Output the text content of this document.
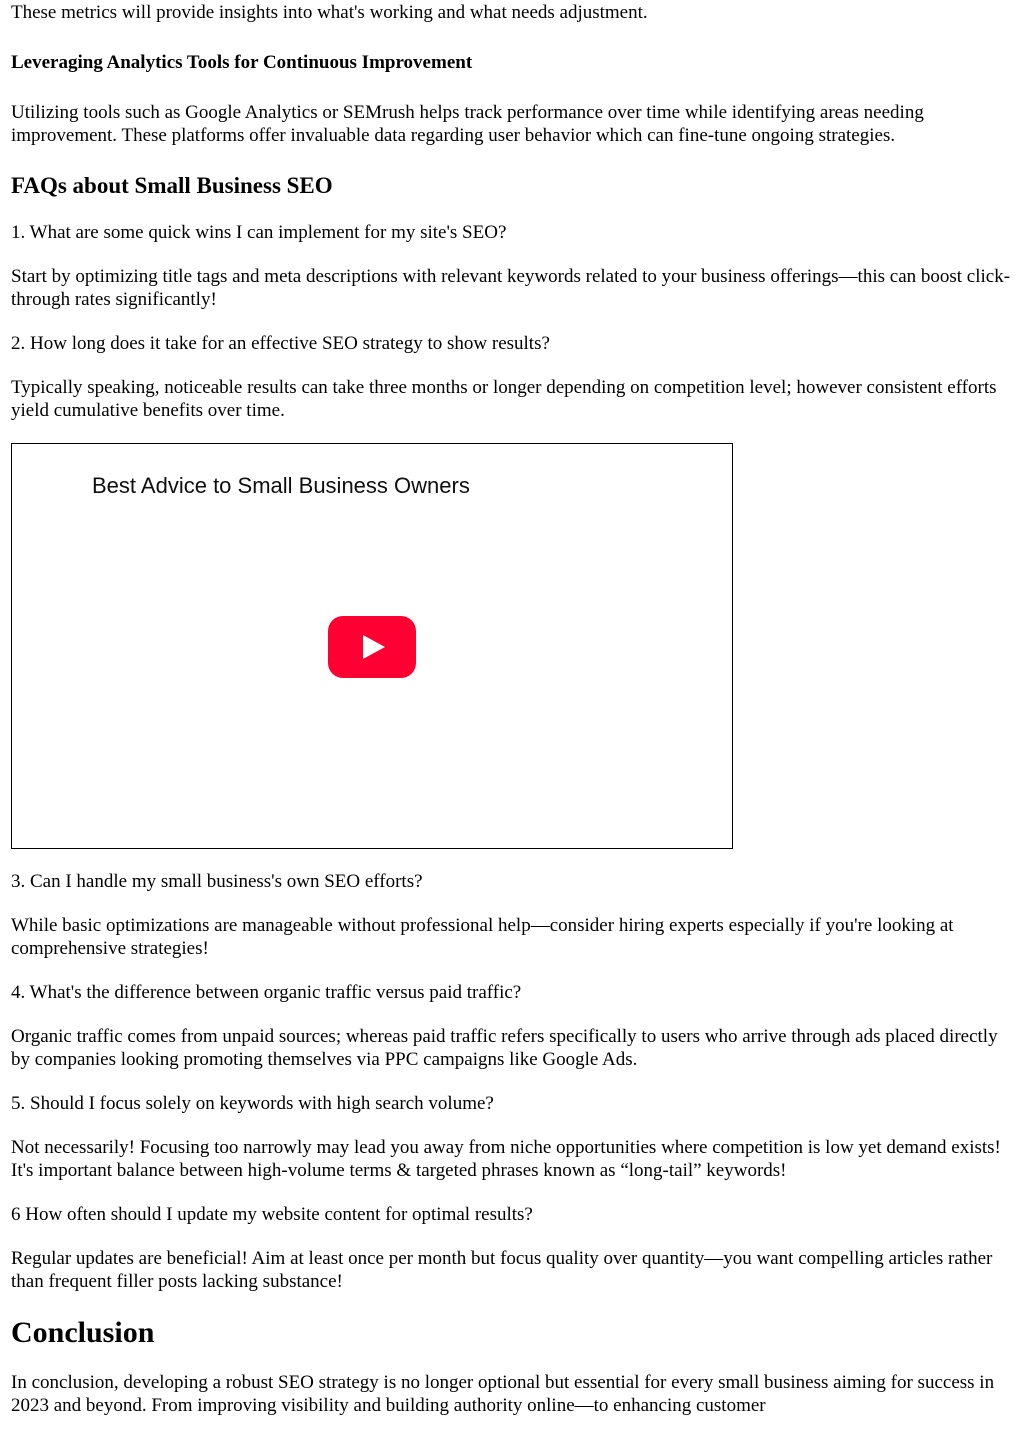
These metrics will provide insights into what's working and what needs adjustment.

Leveraging Analytics Tools for Continuous Improvement

Utilizing tools such as Google Analytics or SEMrush helps track performance over time while identifying areas needing improvement. These platforms offer invaluable data regarding user behavior which can fine-tune ongoing strategies.

FAQs about Small Business SEO

1. What are some quick wins I can implement for my site's SEO?

Start by optimizing title tags and meta descriptions with relevant keywords related to your business offerings—this can boost click-through rates significantly!

2. How long does it take for an effective SEO strategy to show results?

Typically speaking, noticeable results can take three months or longer depending on competition level; however consistent efforts yield cumulative benefits over time.

Best Advice to Small Business Owners

3. Can I handle my small business's own SEO efforts?

While basic optimizations are manageable without professional help—consider hiring experts especially if you're looking at comprehensive strategies!

4. What's the difference between organic traffic versus paid traffic?

Organic traffic comes from unpaid sources; whereas paid traffic refers specifically to users who arrive through ads placed directly by companies looking promoting themselves via PPC campaigns like Google Ads.

5. Should I focus solely on keywords with high search volume?

Not necessarily! Focusing too narrowly may lead you away from niche opportunities where competition is low yet demand exists! It's important balance between high-volume terms & targeted phrases known as “long-tail” keywords!

6 How often should I update my website content for optimal results?

Regular updates are beneficial! Aim at least once per month but focus quality over quantity—you want compelling articles rather than frequent filler posts lacking substance!

Conclusion

In conclusion, developing a robust SEO strategy is no longer optional but essential for every small business aiming for success in 2023 and beyond. From improving visibility and building authority online—to enhancing customer
